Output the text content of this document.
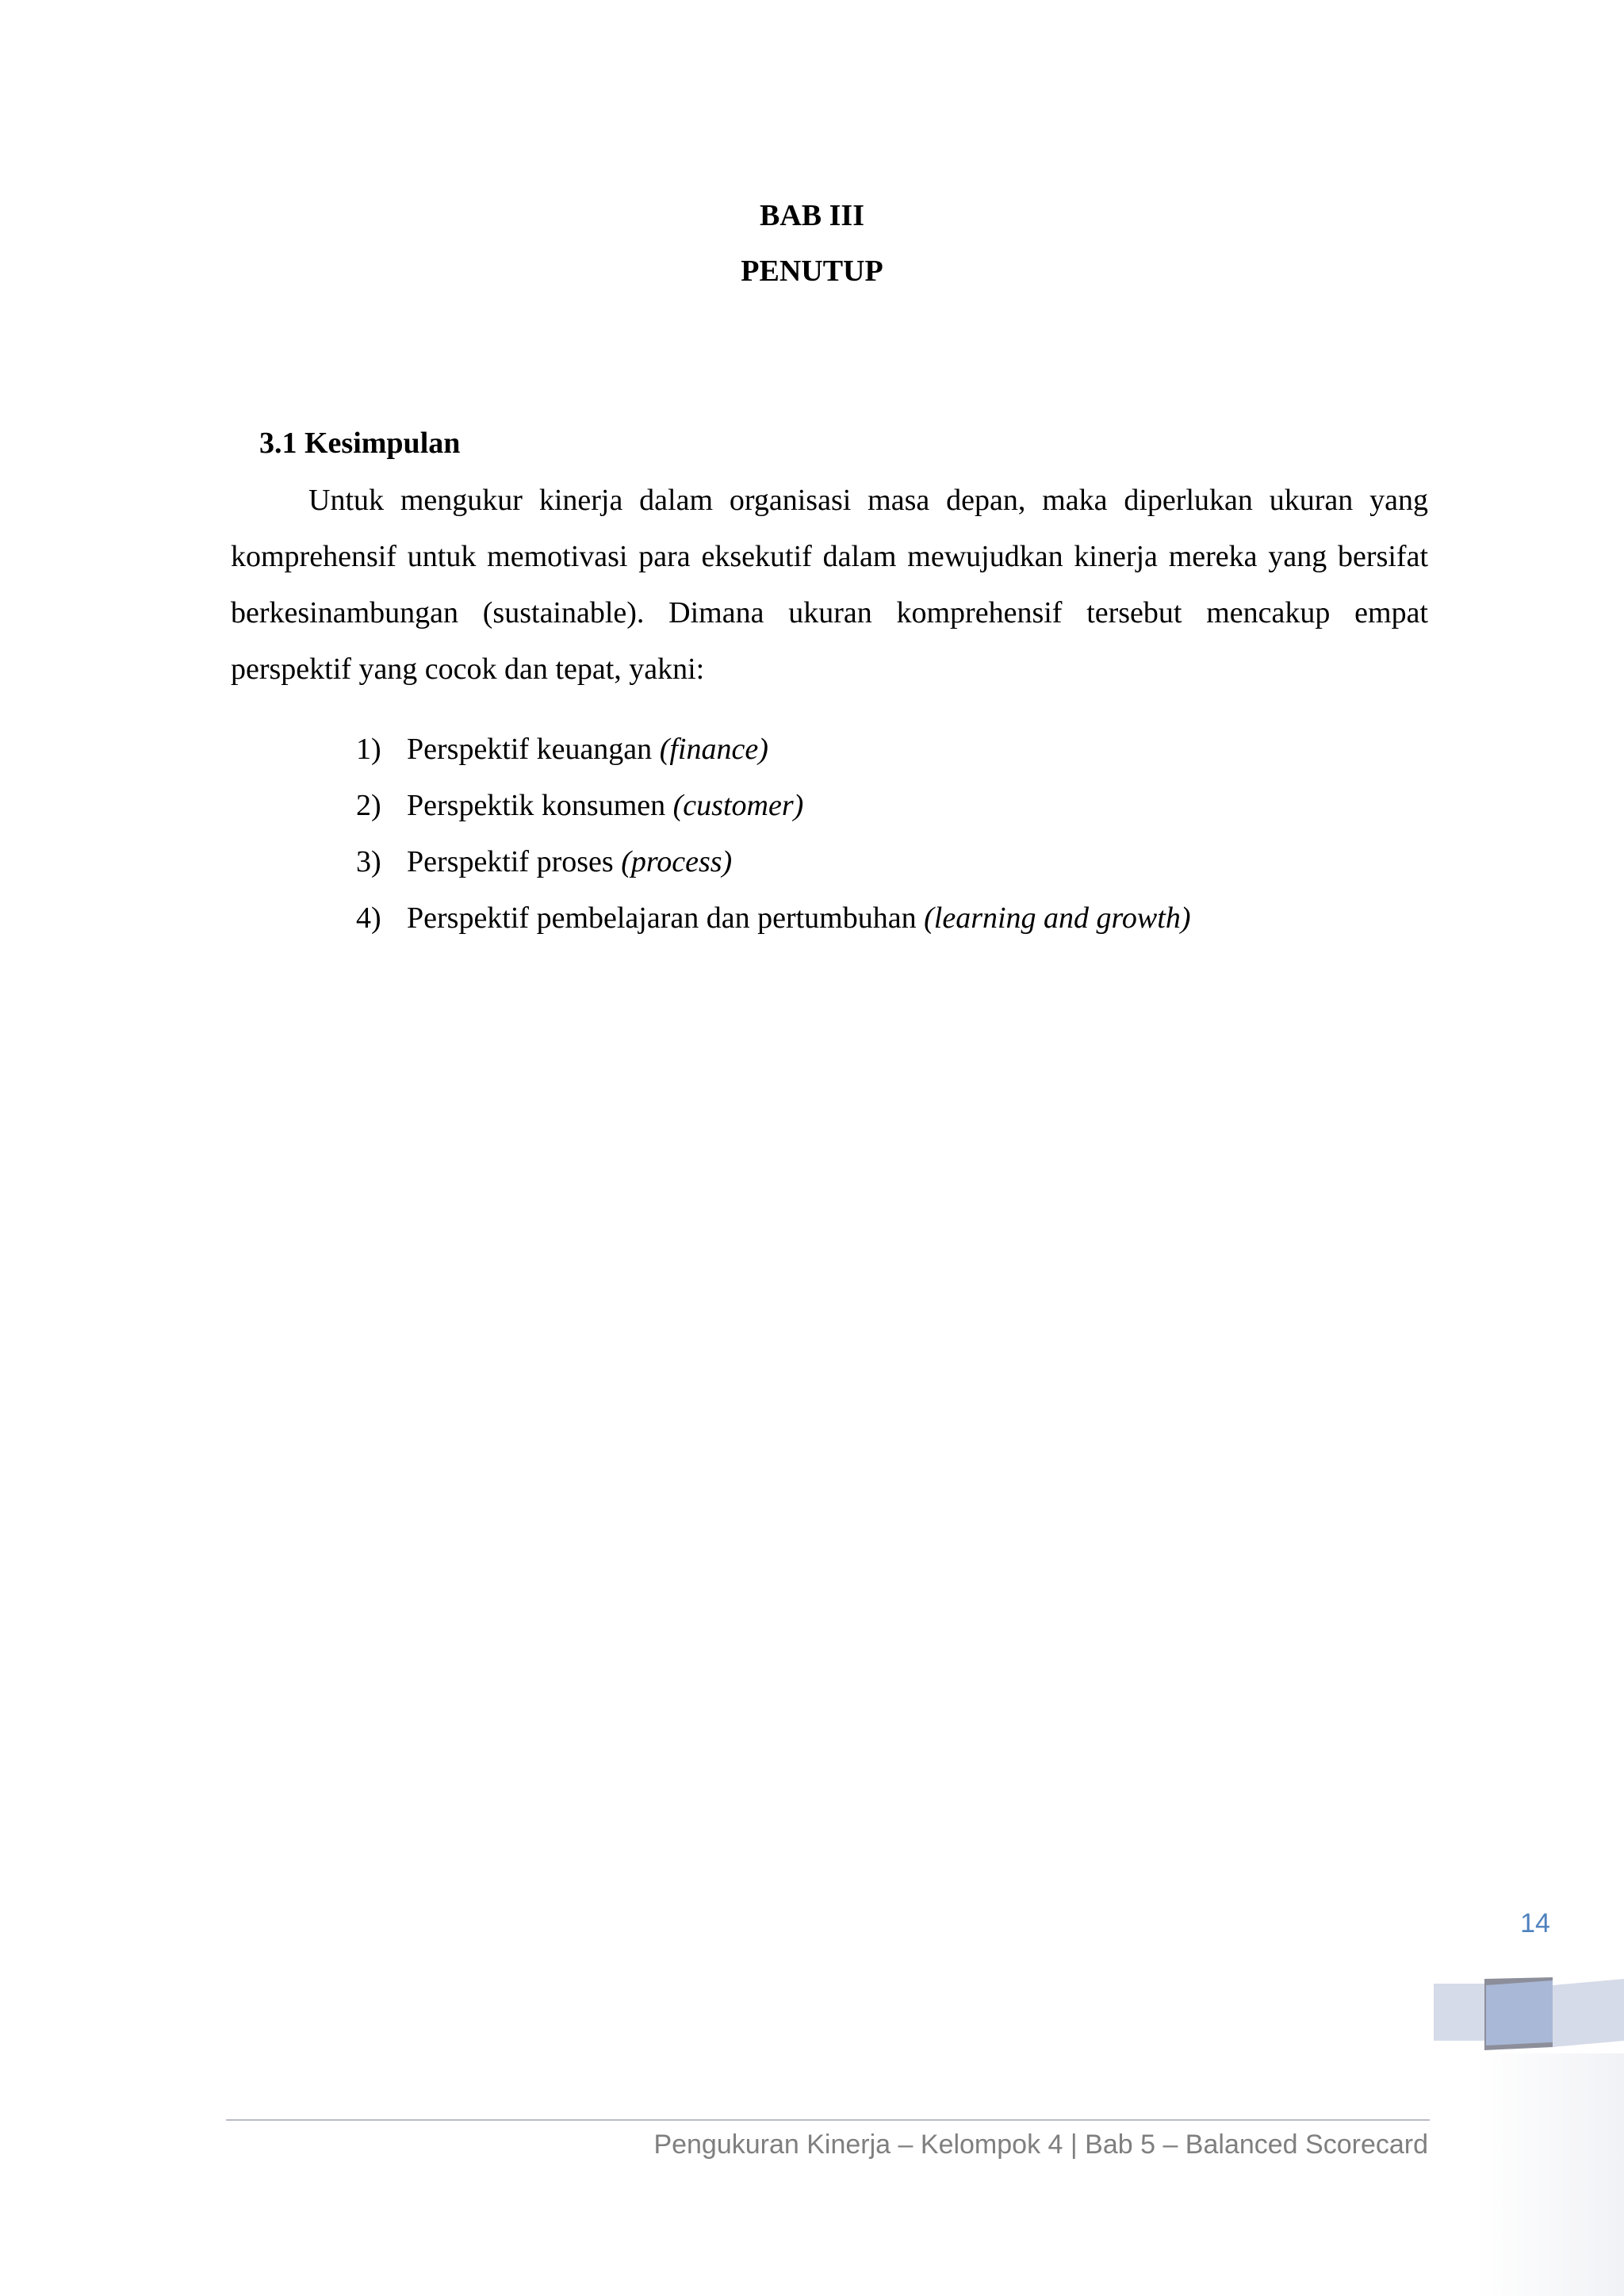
BAB III
PENUTUP
3.1 Kesimpulan

Untuk mengukur kinerja dalam organisasi masa depan, maka diperlukan ukuran yang komprehensif untuk memotivasi para eksekutif dalam mewujudkan kinerja mereka yang bersifat berkesinambungan (sustainable). Dimana ukuran komprehensif tersebut mencakup empat perspektif yang cocok dan tepat, yakni:

1) Perspektif keuangan (finance)
2) Perspektik konsumen (customer)
3) Perspektif proses (process)
4) Perspektif pembelajaran dan pertumbuhan (learning and growth)
14
Pengukuran Kinerja – Kelompok 4 | Bab 5 – Balanced Scorecard
